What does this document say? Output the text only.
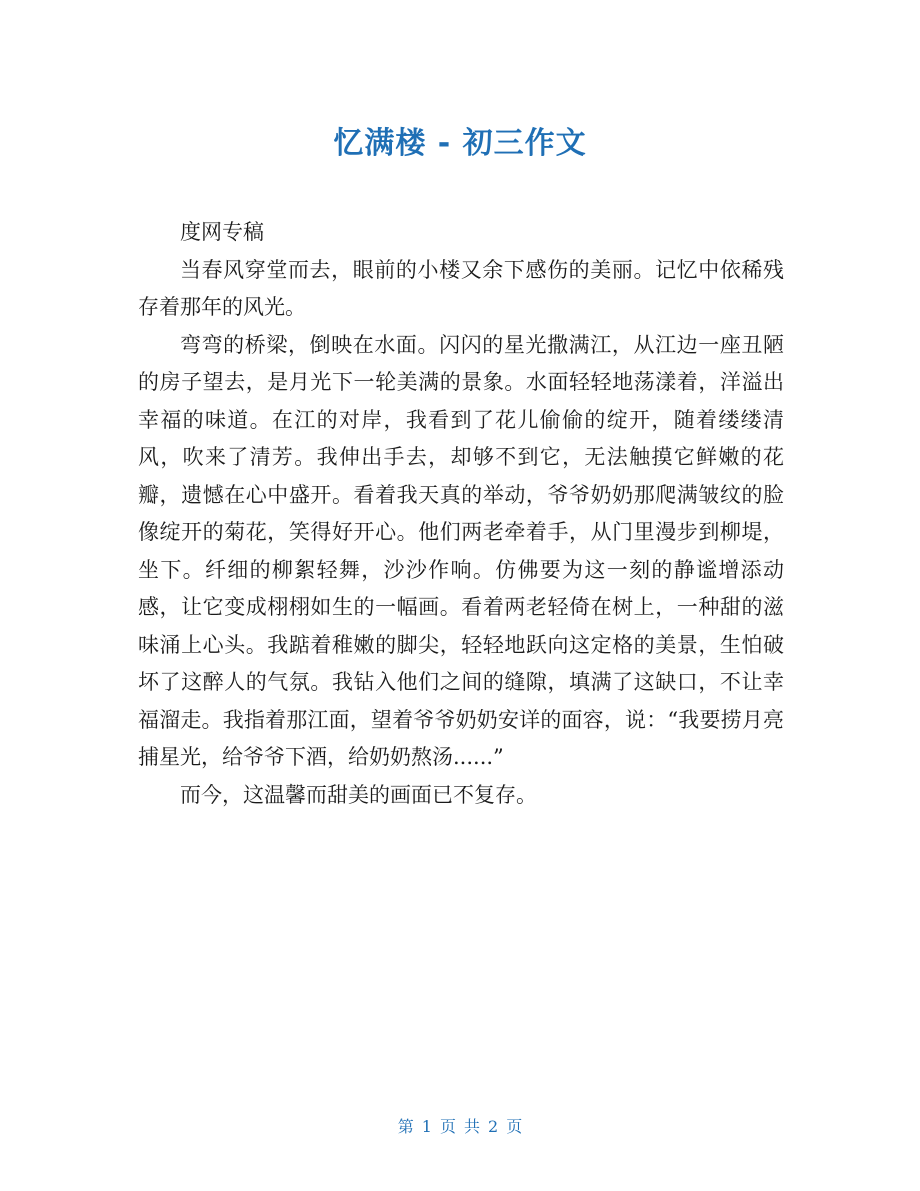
忆满楼 - 初三作文

度网专稿

当春风穿堂而去，眼前的小楼又余下感伤的美丽。记忆中依稀残存着那年的风光。

弯弯的桥梁，倒映在水面。闪闪的星光撒满江，从江边一座丑陋的房子望去，是月光下一轮美满的景象。水面轻轻地荡漾着，洋溢出幸福的味道。在江的对岸，我看到了花儿偷偷的绽开，随着缕缕清风，吹来了清芳。我伸出手去，却够不到它，无法触摸它鲜嫩的花瓣，遗憾在心中盛开。看着我天真的举动，爷爷奶奶那爬满皱纹的脸像绽开的菊花，笑得好开心。他们两老牵着手，从门里漫步到柳堤，坐下。纤细的柳絮轻舞，沙沙作响。仿佛要为这一刻的静谧增添动感，让它变成栩栩如生的一幅画。看着两老轻倚在树上，一种甜的滋味涌上心头。我踮着稚嫩的脚尖，轻轻地跃向这定格的美景，生怕破坏了这醉人的气氛。我钻入他们之间的缝隙，填满了这缺口，不让幸福溜走。我指着那江面，望着爷爷奶奶安详的面容，说：“我要捞月亮捕星光，给爷爷下酒，给奶奶熬汤......”

而今，这温馨而甜美的画面已不复存。

第 1 页 共 2 页
